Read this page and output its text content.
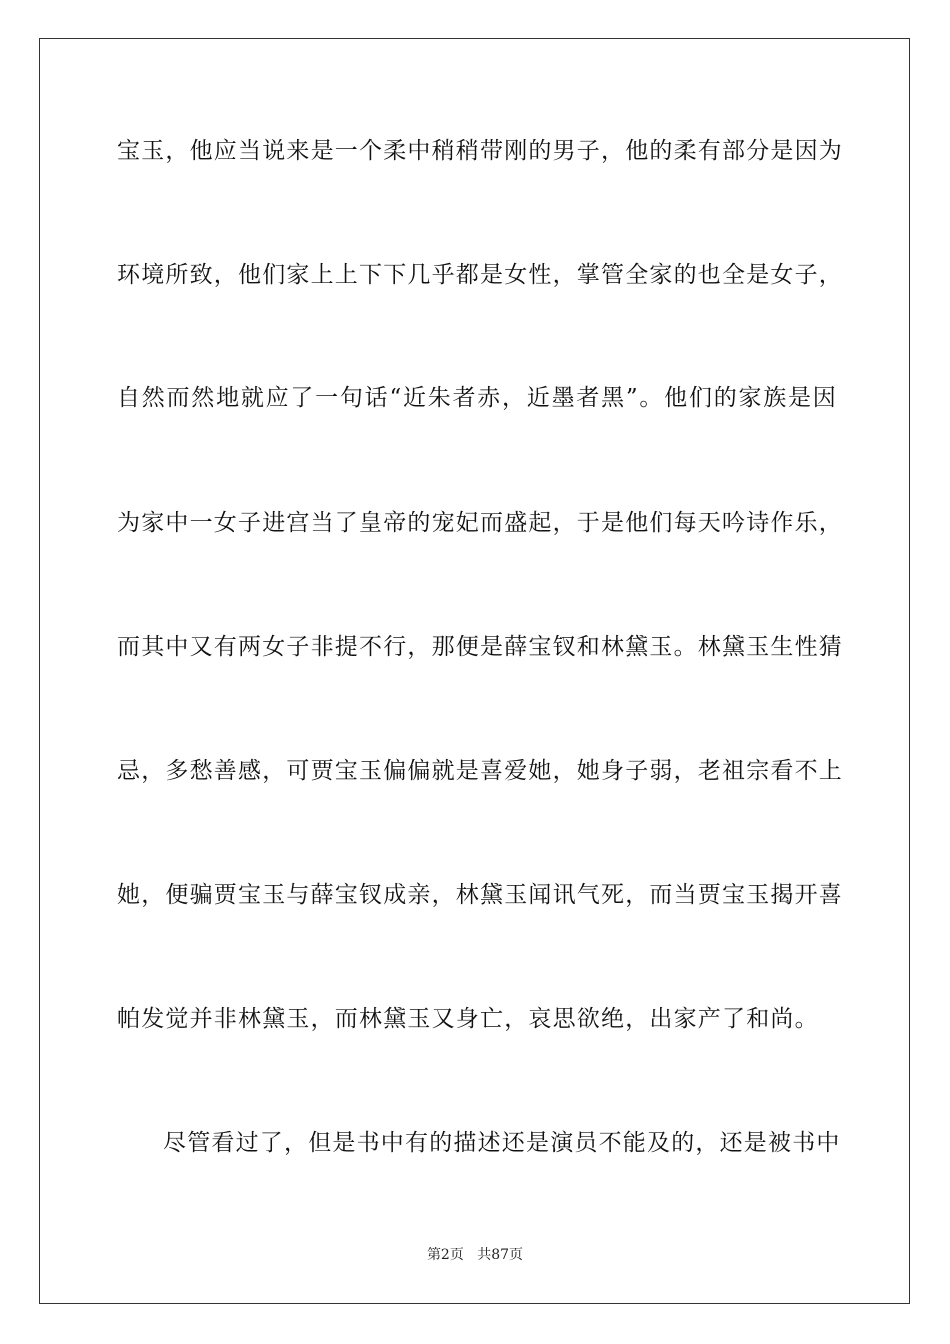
宝玉，他应当说来是一个柔中稍稍带刚的男子，他的柔有部分是因为
环境所致，他们家上上下下几乎都是女性，掌管全家的也全是女子，
自然而然地就应了一句话“近朱者赤，近墨者黑”。他们的家族是因
为家中一女子进宫当了皇帝的宠妃而盛起，于是他们每天吟诗作乐，
而其中又有两女子非提不行，那便是薛宝钗和林黛玉。林黛玉生性猜
忌，多愁善感，可贾宝玉偏偏就是喜爱她，她身子弱，老祖宗看不上
她，便骗贾宝玉与薛宝钗成亲，林黛玉闻讯气死，而当贾宝玉揭开喜
帕发觉并非林黛玉，而林黛玉又身亡，哀思欲绝，出家产了和尚。
尽管看过了，但是书中有的描述还是演员不能及的，还是被书中
第2页 共87页
